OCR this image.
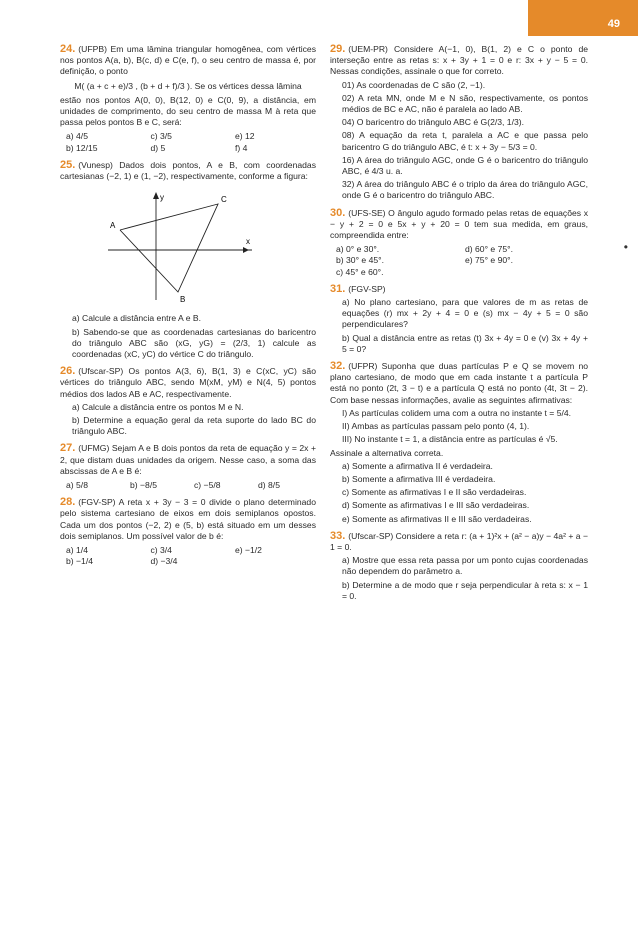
49
24. (UFPB) Em uma lâmina triangular homogênea, com vértices nos pontos A(a, b), B(c, d) e C(e, f), o seu centro de massa é, por definição, o ponto
M( (a + c + e)/3 , (b + d + f)/3 ). Se os vértices dessa lâmina
estão nos pontos A(0, 0), B(12, 0) e C(0, 9), a distância, em unidades de comprimento, do seu centro de massa M à reta que passa pelos pontos B e C, será:
a) 4/5	c) 3/5	e) 12
b) 12/15	d) 5	f) 4
25. (Vunesp) Dados dois pontos, A e B, com coordenadas cartesianas (−2, 1) e (1, −2), respectivamente, conforme a figura:
y
x
A
B
C
a) Calcule a distância entre A e B.
b) Sabendo-se que as coordenadas cartesianas do baricentro do triângulo ABC são (xG, yG) = (2/3, 1) calcule as coordenadas (xC, yC) do vértice C do triângulo.
26. (Ufscar-SP) Os pontos A(3, 6), B(1, 3) e C(xC, yC) são vértices do triângulo ABC, sendo M(xM, yM) e N(4, 5) pontos médios dos lados AB e AC, respectivamente.
a) Calcule a distância entre os pontos M e N.
b) Determine a equação geral da reta suporte do lado BC do triângulo ABC.
27. (UFMG) Sejam A e B dois pontos da reta de equação y = 2x + 2, que distam duas unidades da origem. Nesse caso, a soma das abscissas de A e B é:
a) 5/8	b) −8/5	c) −5/8	d) 8/5
28. (FGV-SP) A reta x + 3y − 3 = 0 divide o plano determinado pelo sistema cartesiano de eixos em dois semiplanos opostos. Cada um dos pontos (−2, 2) e (5, b) está situado em um desses dois semiplanos. Um possível valor de b é:
a) 1/4	c) 3/4	e) −1/2
b) −1/4	d) −3/4
29. (UEM-PR) Considere A(−1, 0), B(1, 2) e C o ponto de interseção entre as retas s: x + 3y + 1 = 0 e r: 3x + y − 5 = 0. Nessas condições, assinale o que for correto.
01) As coordenadas de C são (2, −1).
02) A reta MN, onde M e N são, respectivamente, os pontos médios de BC e AC, não é paralela ao lado AB.
04) O baricentro do triângulo ABC é G(2/3, 1/3).
08) A equação da reta t, paralela a AC e que passa pelo baricentro G do triângulo ABC, é t: x + 3y − 5/3 = 0.
16) A área do triângulo AGC, onde G é o baricentro do triângulo ABC, é 4/3 u. a.
32) A área do triângulo ABC é o triplo da área do triângulo AGC, onde G é o baricentro do triângulo ABC.
30. (UFS-SE) O ângulo agudo formado pelas retas de equações x − y + 2 = 0 e 5x + y + 20 = 0 tem sua medida, em graus, compreendida entre:
a) 0° e 30°.	d) 60° e 75°.
b) 30° e 45°.	e) 75° e 90°.
c) 45° e 60°.
31. (FGV-SP)
a) No plano cartesiano, para que valores de m as retas de equações (r) mx + 2y + 4 = 0 e (s) mx − 4y + 5 = 0 são perpendiculares?
b) Qual a distância entre as retas (t) 3x + 4y = 0 e (v) 3x + 4y + 5 = 0?
32. (UFPR) Suponha que duas partículas P e Q se movem no plano cartesiano, de modo que em cada instante t a partícula P está no ponto (2t, 3 − t) e a partícula Q está no ponto (4t, 3t − 2). Com base nessas informações, avalie as seguintes afirmativas:
I) As partículas colidem uma com a outra no instante t = 5/4.
II) Ambas as partículas passam pelo ponto (4, 1).
III) No instante t = 1, a distância entre as partículas é √5.
Assinale a alternativa correta.
a) Somente a afirmativa II é verdadeira.
b) Somente a afirmativa III é verdadeira.
c) Somente as afirmativas I e II são verdadeiras.
d) Somente as afirmativas I e III são verdadeiras.
e) Somente as afirmativas II e III são verdadeiras.
33. (Ufscar-SP) Considere a reta r: (a + 1)²x + (a² − a)y − 4a² + a − 1 = 0.
a) Mostre que essa reta passa por um ponto cujas coordenadas não dependem do parâmetro a.
b) Determine a de modo que r seja perpendicular à reta s: x − 1 = 0.
•
